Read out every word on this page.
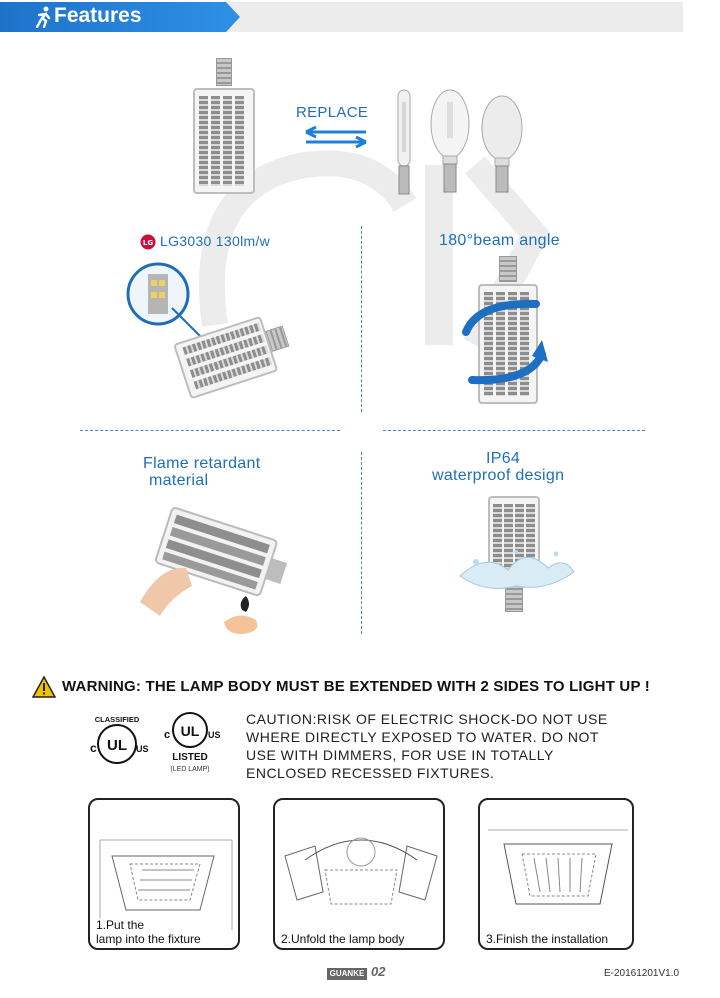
Features
REPLACE
LG LG3030 130lm/w	180°beam angle
Flame retardant
material
IP64
waterproof design
WARNING: THE LAMP BODY MUST BE EXTENDED WITH 2 SIDES TO LIGHT UP !
UL
c	US
CLASSIFIED
UL
c	US
LISTED
(LED LAMP)
CAUTION:RISK OF ELECTRIC SHOCK-DO NOT USE
WHERE DIRECTLY EXPOSED TO WATER. DO NOT
USE WITH DIMMERS, FOR USE IN TOTALLY
ENCLOSED RECESSED FIXTURES.
1.Put the
lamp into the fixture	2.Unfold the lamp body	3.Finish the installation
GUANKE 02	E-20161201V1.0
